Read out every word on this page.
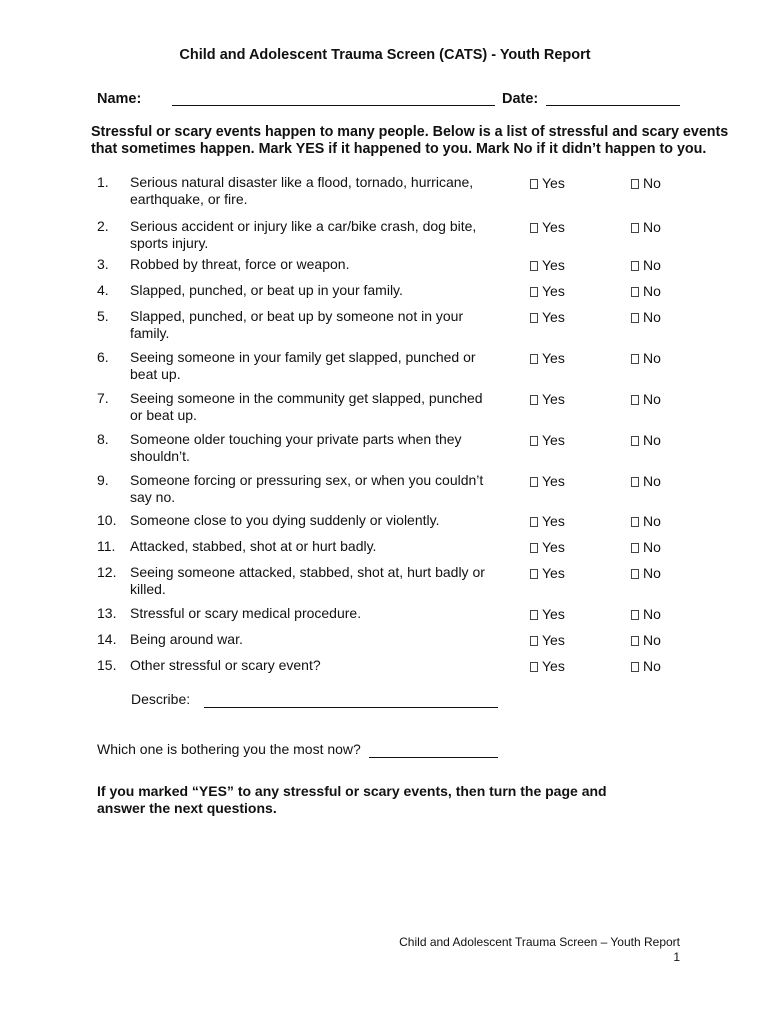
Child and Adolescent Trauma Screen (CATS) - Youth Report
Name:	Date:
Stressful or scary events happen to many people. Below is a list of stressful and scary events that sometimes happen. Mark YES if it happened to you. Mark No if it didn’t happen to you.
1. Serious natural disaster like a flood, tornado, hurricane, earthquake, or fire.
Yes	No
2. Serious accident or injury like a car/bike crash, dog bite, sports injury.
Yes	No
3. Robbed by threat, force or weapon.	Yes	No
4. Slapped, punched, or beat up in your family.	Yes	No
5. Slapped, punched, or beat up by someone not in your family.
Yes	No
6. Seeing someone in your family get slapped, punched or beat up.
Yes	No
7. Seeing someone in the community get slapped, punched or beat up.
Yes	No
8. Someone older touching your private parts when they shouldn’t.
Yes	No
9. Someone forcing or pressuring sex, or when you couldn’t say no.
Yes	No
10. Someone close to you dying suddenly or violently.	Yes	No
11. Attacked, stabbed, shot at or hurt badly.	Yes	No
12. Seeing someone attacked, stabbed, shot at, hurt badly or killed.
Yes	No
13. Stressful or scary medical procedure.	Yes	No
14. Being around war.	Yes	No
15. Other stressful or scary event?	Yes	No
Describe:
Which one is bothering you the most now?
If you marked “YES” to any stressful or scary events, then turn the page and answer the next questions.
Child and Adolescent Trauma Screen – Youth Report
1
